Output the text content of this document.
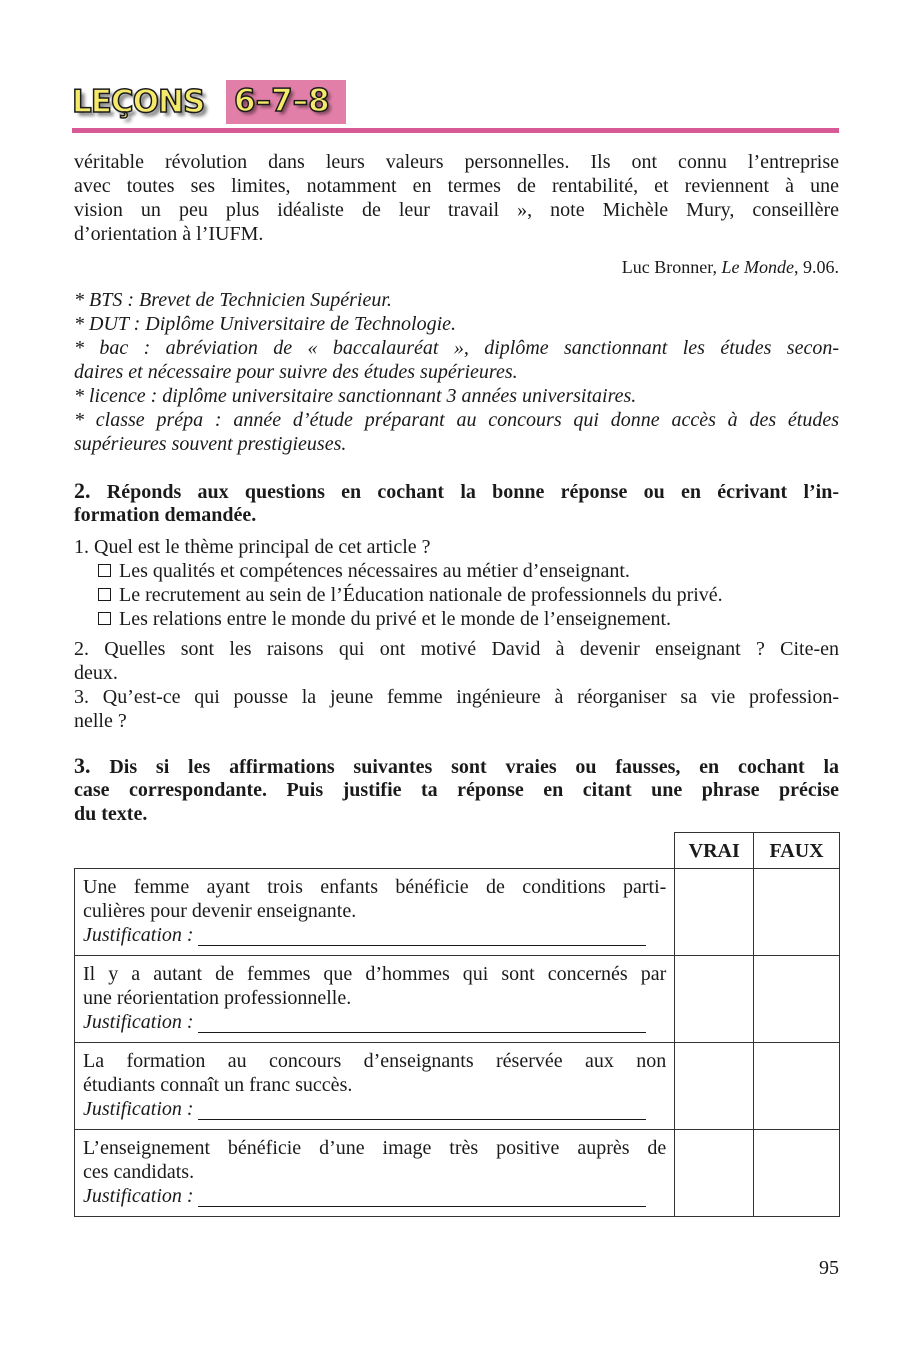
LEÇONS 6–7–8

véritable révolution dans leurs valeurs personnelles. Ils ont connu l’entreprise

avec toutes ses limites, notamment en termes de rentabilité, et reviennent à une

vision un peu plus idéaliste de leur travail », note Michèle Mury, conseillère

d’orientation à l’IUFM.

Luc Bronner, Le Monde, 9.06.

* BTS : Brevet de Technicien Supérieur.

* DUT : Diplôme Universitaire de Technologie.

* bac : abréviation de « baccalauréat », diplôme sanctionnant les études secon-

daires et nécessaire pour suivre des études supérieures.

* licence : diplôme universitaire sanctionnant 3 années universitaires.

* classe prépa : année d’étude préparant au concours qui donne accès à des études

supérieures souvent prestigieuses.

2. Réponds aux questions en cochant la bonne réponse ou en écrivant l’in-

formation demandée.

1. Quel est le thème principal de cet article ?

Les qualités et compétences nécessaires au métier d’enseignant.

Le recrutement au sein de l’Éducation nationale de professionnels du privé.

Les relations entre le monde du privé et le monde de l’enseignement.

2. Quelles sont les raisons qui ont motivé David à devenir enseignant ? Cite-en

deux.

3. Qu’est-ce qui pousse la jeune femme ingénieure à réorganiser sa vie profession-

nelle ?

3. Dis si les affirmations suivantes sont vraies ou fausses, en cochant la

case correspondante. Puis justifie ta réponse en citant une phrase précise

du texte.

	VRAI	FAUX

Une femme ayant trois enfants bénéficie de conditions parti-
culières pour devenir enseignante.
Justification :		

Il y a autant de femmes que d’hommes qui sont concernés par
une réorientation professionnelle.
Justification :		

La formation au concours d’enseignants réservée aux non
étudiants connaît un franc succès.
Justification :		

L’enseignement bénéficie d’une image très positive auprès de
ces candidats.
Justification :		

95
